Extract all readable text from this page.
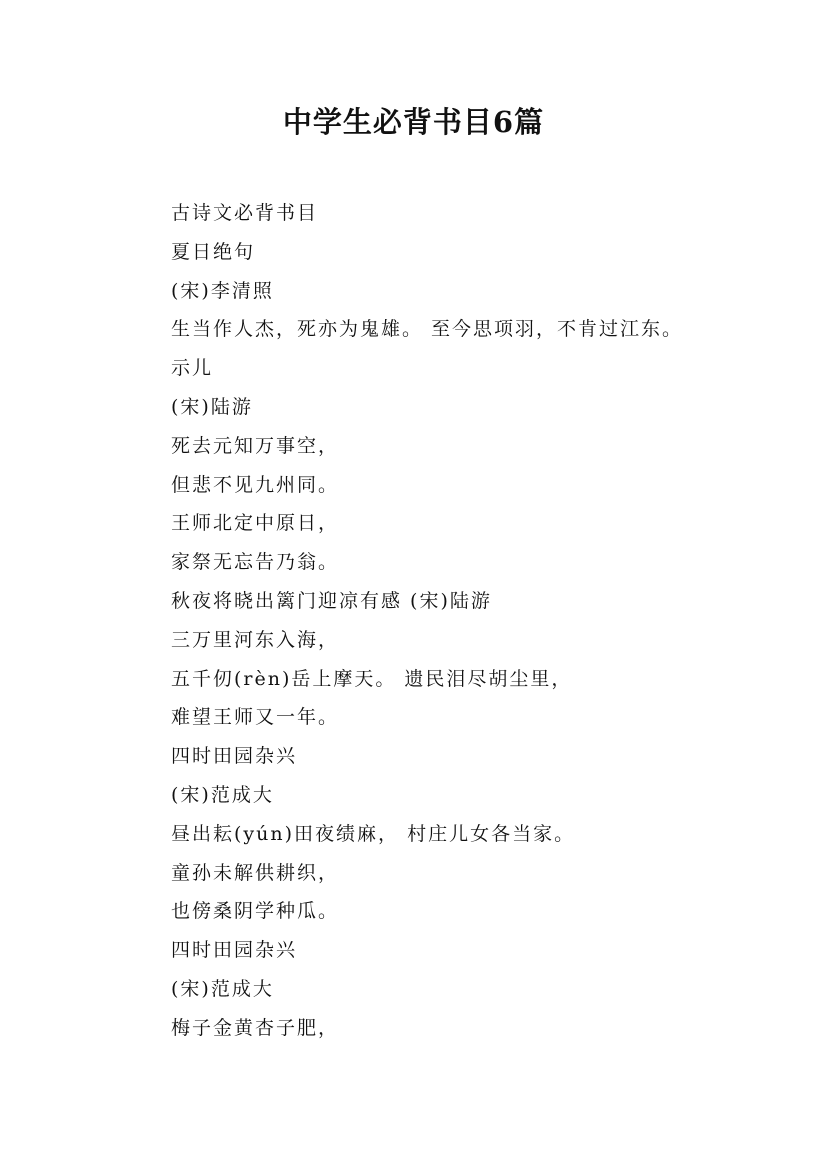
中学生必背书目6篇
古诗文必背书目
夏日绝句
(宋)李清照
生当作人杰，死亦为鬼雄。 至今思项羽，不肯过江东。
示儿
(宋)陆游
死去元知万事空，
但悲不见九州同。
王师北定中原日，
家祭无忘告乃翁。
秋夜将晓出篱门迎凉有感 (宋)陆游
三万里河东入海，
五千仞(rèn)岳上摩天。 遗民泪尽胡尘里，
难望王师又一年。
四时田园杂兴
(宋)范成大
昼出耘(yún)田夜绩麻， 村庄儿女各当家。
童孙未解供耕织，
也傍桑阴学种瓜。
四时田园杂兴
(宋)范成大
梅子金黄杏子肥，
